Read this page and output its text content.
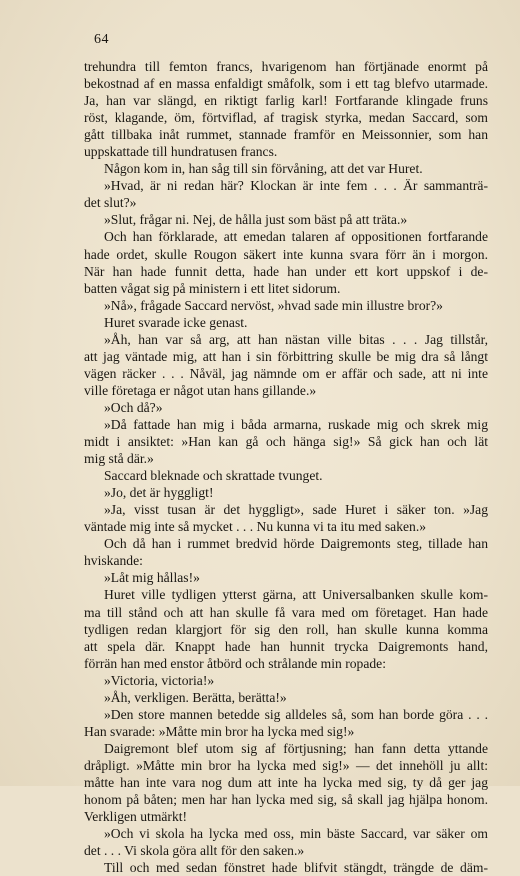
64
trehundra till femton francs, hvarigenom han förtjänade enormt på
bekostnad af en massa enfaldigt småfolk, som i ett tag blefvo utarmade.
Ja, han var slängd, en riktigt farlig karl! Fortfarande klingade fruns
röst, klagande, öm, förtviflad, af tragisk styrka, medan Saccard, som
gått tillbaka inåt rummet, stannade framför en Meissonnier, som han
uppskattade till hundratusen francs.
Någon kom in, han såg till sin förvåning, att det var Huret.
»Hvad, är ni redan här? Klockan är inte fem . . . Är sammanträ-
det slut?»
»Slut, frågar ni. Nej, de hålla just som bäst på att träta.»
Och han förklarade, att emedan talaren af oppositionen fortfarande
hade ordet, skulle Rougon säkert inte kunna svara förr än i morgon.
När han hade funnit detta, hade han under ett kort uppskof i de-
batten vågat sig på ministern i ett litet sidorum.
»Nå», frågade Saccard nervöst, »hvad sade min illustre bror?»
Huret svarade icke genast.
»Åh, han var så arg, att han nästan ville bitas . . . Jag tillstår,
att jag väntade mig, att han i sin förbittring skulle be mig dra så långt
vägen räcker . . . Nåväl, jag nämnde om er affär och sade, att ni inte
ville företaga er något utan hans gillande.»
»Och då?»
»Då fattade han mig i båda armarna, ruskade mig och skrek mig
midt i ansiktet: »Han kan gå och hänga sig!» Så gick han och lät
mig stå där.»
Saccard bleknade och skrattade tvunget.
»Jo, det är hyggligt!
»Ja, visst tusan är det hyggligt», sade Huret i säker ton. »Jag
väntade mig inte så mycket . . . Nu kunna vi ta itu med saken.»
Och då han i rummet bredvid hörde Daigremonts steg, tillade han
hviskande:
»Låt mig hållas!»
Huret ville tydligen ytterst gärna, att Universalbanken skulle kom-
ma till stånd och att han skulle få vara med om företaget. Han hade
tydligen redan klargjort för sig den roll, han skulle kunna komma
att spela där. Knappt hade han hunnit trycka Daigremonts hand,
förrän han med enstor åtbörd och strålande min ropade:
»Victoria, victoria!»
»Åh, verkligen. Berätta, berätta!»
»Den store mannen betedde sig alldeles så, som han borde göra . . .
Han svarade: »Måtte min bror ha lycka med sig!»
Daigremont blef utom sig af förtjusning; han fann detta yttande
dråpligt. »Måtte min bror ha lycka med sig!» — det innehöll ju allt:
måtte han inte vara nog dum att inte ha lycka med sig, ty då ger jag
honom på båten; men har han lycka med sig, så skall jag hjälpa honom.
Verkligen utmärkt!
»Och vi skola ha lycka med oss, min bäste Saccard, var säker om
det . . . Vi skola göra allt för den saken.»
Till och med sedan fönstret hade blifvit stängdt, trängde de däm-
